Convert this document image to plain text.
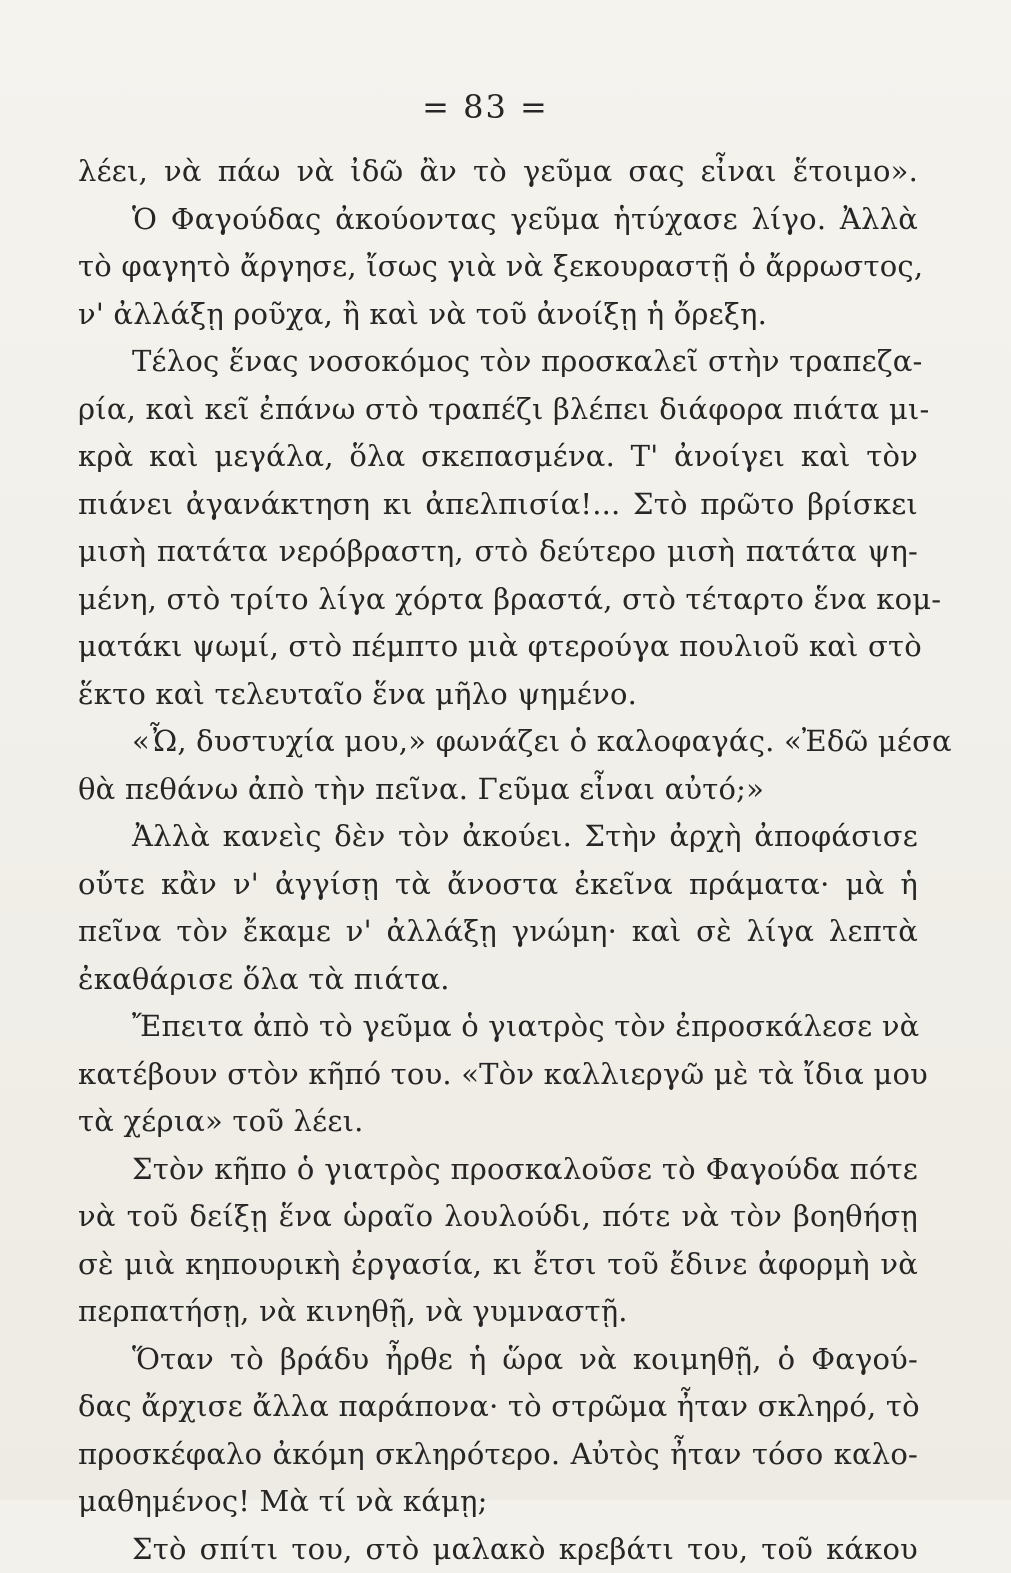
= 83 =
λέει, νὰ πάω νὰ ἰδῶ ἂν τὸ γεῦμα σας εἶναι ἕτοιμο».
Ὁ Φαγούδας ἀκούοντας γεῦμα ἡτύχασε λίγο. Ἀλλὰ
τὸ φαγητὸ ἄργησε, ἴσως γιὰ νὰ ξεκουραστῇ ὁ ἄρρωστος,
ν' ἀλλάξῃ ροῦχα, ἢ καὶ νὰ τοῦ ἀνοίξῃ ἡ ὄρεξη.
Τέλος ἕνας νοσοκόμος τὸν προσκαλεῖ στὴν τραπεζα-
ρία, καὶ κεῖ ἐπάνω στὸ τραπέζι βλέπει διάφορα πιάτα μι-
κρὰ καὶ μεγάλα, ὅλα σκεπασμένα. Τ' ἀνοίγει καὶ τὸν
πιάνει ἀγανάκτηση κι ἀπελπισία!... Στὸ πρῶτο βρίσκει
μισὴ πατάτα νερόβραστη, στὸ δεύτερο μισὴ πατάτα ψη-
μένη, στὸ τρίτο λίγα χόρτα βραστά, στὸ τέταρτο ἕνα κομ-
ματάκι ψωμί, στὸ πέμπτο μιὰ φτερούγα πουλιοῦ καὶ στὸ
ἕκτο καὶ τελευταῖο ἕνα μῆλο ψημένο.
«Ὦ, δυστυχία μου,» φωνάζει ὁ καλοφαγάς. «Ἐδῶ μέσα
θὰ πεθάνω ἀπὸ τὴν πεῖνα. Γεῦμα εἶναι αὐτό;»
Ἀλλὰ κανεὶς δὲν τὸν ἀκούει. Στὴν ἀρχὴ ἀποφάσισε
οὔτε κἂν ν' ἀγγίσῃ τὰ ἄνοστα ἐκεῖνα πράματα· μὰ ἡ
πεῖνα τὸν ἔκαμε ν' ἀλλάξῃ γνώμη· καὶ σὲ λίγα λεπτὰ
ἐκαθάρισε ὅλα τὰ πιάτα.
Ἔπειτα ἀπὸ τὸ γεῦμα ὁ γιατρὸς τὸν ἐπροσκάλεσε νὰ
κατέβουν στὸν κῆπό του. «Τὸν καλλιεργῶ μὲ τὰ ἴδια μου
τὰ χέρια» τοῦ λέει.
Στὸν κῆπο ὁ γιατρὸς προσκαλοῦσε τὸ Φαγούδα πότε
νὰ τοῦ δείξῃ ἕνα ὡραῖο λουλούδι, πότε νὰ τὸν βοηθήσῃ
σὲ μιὰ κηπουρικὴ ἐργασία, κι ἔτσι τοῦ ἔδινε ἀφορμὴ νὰ
περπατήσῃ, νὰ κινηθῇ, νὰ γυμναστῇ.
Ὅταν τὸ βράδυ ἦρθε ἡ ὥρα νὰ κοιμηθῇ, ὁ Φαγού-
δας ἄρχισε ἄλλα παράπονα· τὸ στρῶμα ἦταν σκληρό, τὸ
προσκέφαλο ἀκόμη σκληρότερο. Αὐτὸς ἦταν τόσο καλο-
μαθημένος! Μὰ τί νὰ κάμῃ;
Στὸ σπίτι του, στὸ μαλακὸ κρεβάτι του, τοῦ κάκου
